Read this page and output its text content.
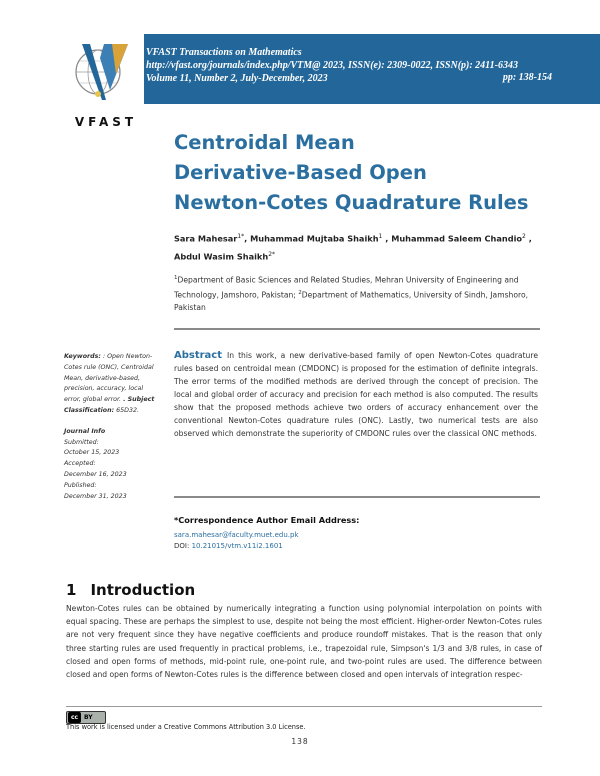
VFAST
VFAST Transactions on Mathematics
http://vfast.org/journals/index.php/VTM@ 2023, ISSN(e): 2309-0022, ISSN(p): 2411-6343
Volume 11, Number 2, July-December, 2023	pp: 138-154
Centroidal Mean
Derivative-Based Open
Newton-Cotes Quadrature Rules
Sara Mahesar$^{1*}$, Muhammad Mujtaba Shaikh$^1$ , Muhammad Saleem Chandio$^2$ ,
Abdul Wasim Shaikh$^{2*}$
$^1$Department of Basic Sciences and Related Studies, Mehran University of Engineering and Technology, Jamshoro, Pakistan; $^2$Department of Mathematics, University of Sindh, Jamshoro, Pakistan
Keywords: : Open Newton-Cotes rule (ONC), Centroidal Mean, derivative-based, precision, accuracy, local error, global error. . Subject Classification: 65D32.
Journal Info
Submitted:
October 15, 2023
Accepted:
December 16, 2023
Published:
December 31, 2023
Abstract In this work, a new derivative-based family of open Newton-Cotes quadrature rules based on centroidal mean (CMDONC) is proposed for the estimation of definite integrals. The error terms of the modified methods are derived through the concept of precision. The local and global order of accuracy and precision for each method is also computed. The results show that the proposed methods achieve two orders of accuracy enhancement over the conventional Newton-Cotes quadrature rules (ONC). Lastly, two numerical tests are also observed which demonstrate the superiority of CMDONC rules over the classical ONC methods.
*Correspondence Author Email Address:
sara.mahesar@faculty.muet.edu.pk
DOI: 10.21015/vtm.v11i2.1601
1 Introduction
Newton-Cotes rules can be obtained by numerically integrating a function using polynomial interpolation on points with equal spacing. These are perhaps the simplest to use, despite not being the most efficient. Higher-order Newton-Cotes rules are not very frequent since they have negative coefficients and produce roundoff mistakes. That is the reason that only three starting rules are used frequently in practical problems, i.e., trapezoidal rule, Simpson's 1/3 and 3/8 rules, in case of closed and open forms of methods, mid-point rule, one-point rule, and two-point rules are used. The difference between closed and open forms of Newton-Cotes rules is the difference between closed and open intervals of integration respec-
cc BY
This work is licensed under a Creative Commons Attribution 3.0 License.
138
